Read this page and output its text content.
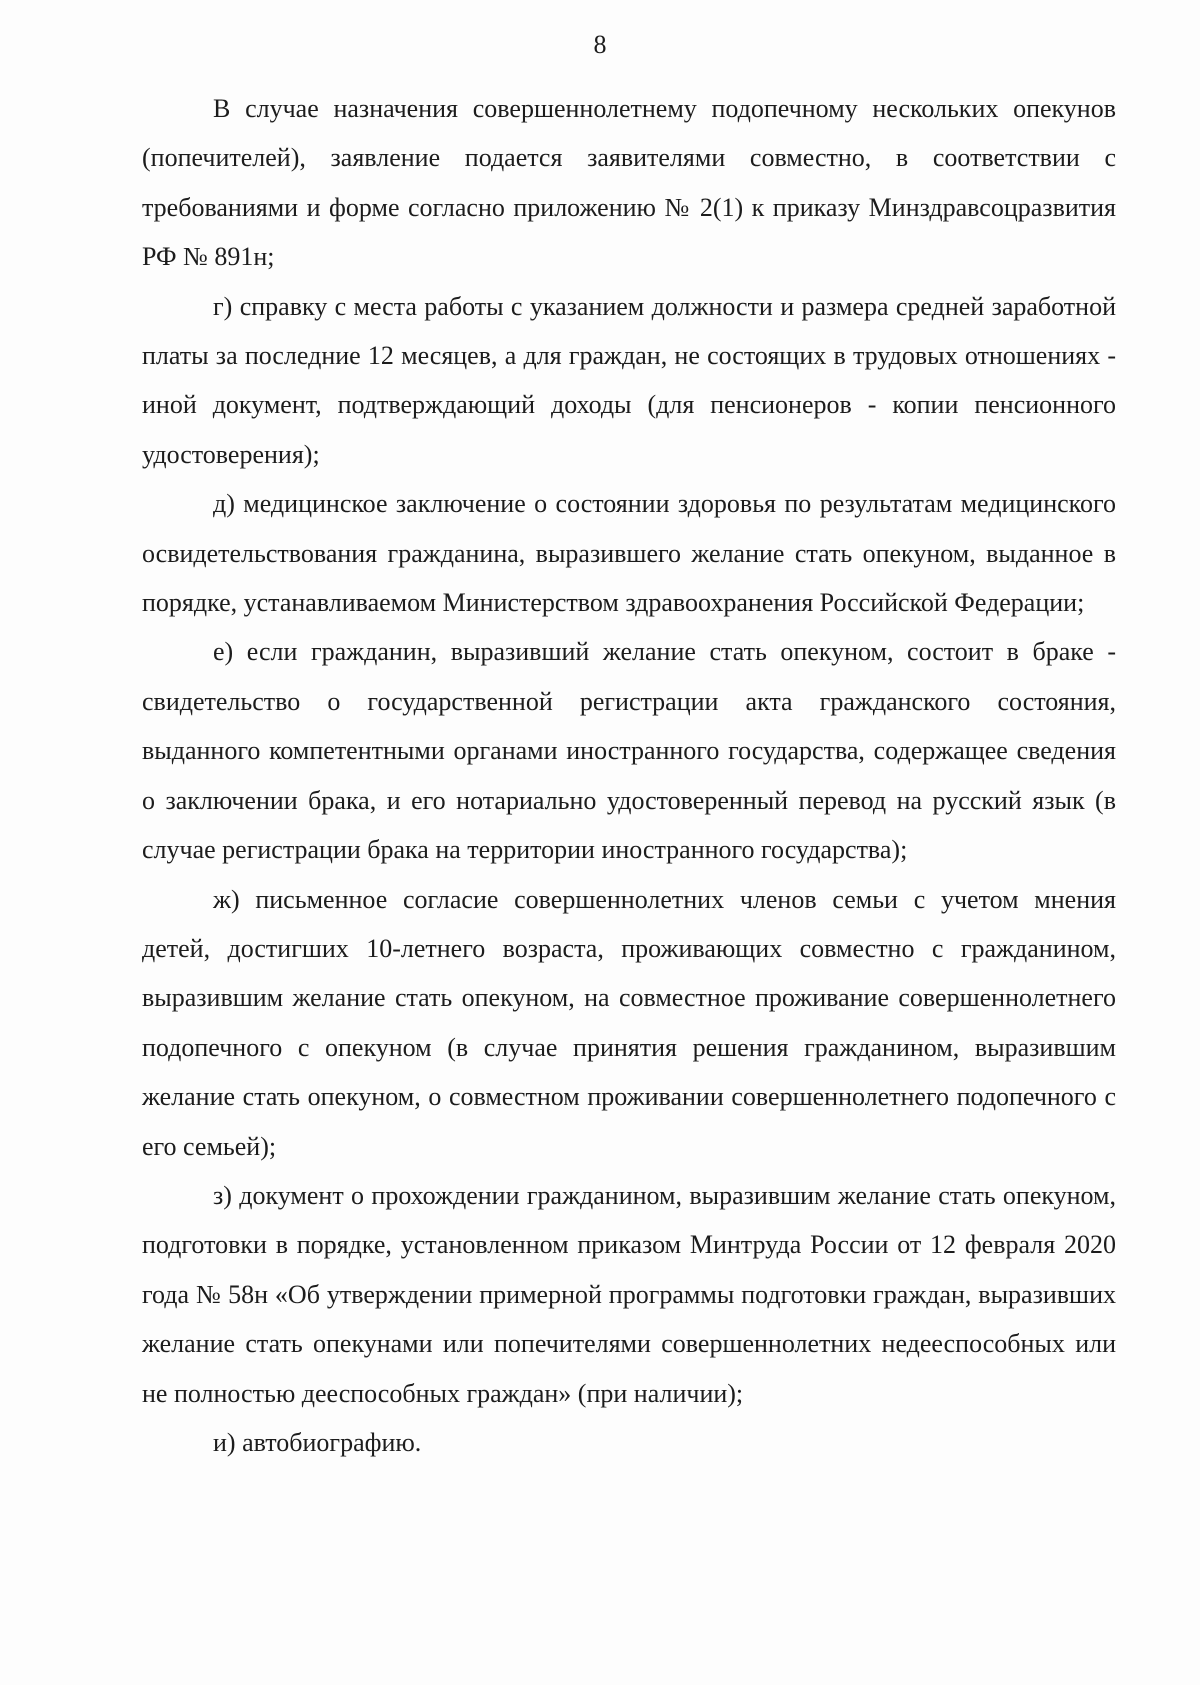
8

В случае назначения совершеннолетнему подопечному нескольких опекунов (попечителей), заявление подается заявителями совместно, в соответствии с требованиями и форме согласно приложению № 2(1) к приказу Минздравсоцразвития РФ № 891н;

г) справку с места работы с указанием должности и размера средней заработной платы за последние 12 месяцев, а для граждан, не состоящих в трудовых отношениях - иной документ, подтверждающий доходы (для пенсионеров - копии пенсионного удостоверения);

д) медицинское заключение о состоянии здоровья по результатам медицинского освидетельствования гражданина, выразившего желание стать опекуном, выданное в порядке, устанавливаемом Министерством здравоохранения Российской Федерации;

е) если гражданин, выразивший желание стать опекуном, состоит в браке - свидетельство о государственной регистрации акта гражданского состояния, выданного компетентными органами иностранного государства, содержащее сведения о заключении брака, и его нотариально удостоверенный перевод на русский язык (в случае регистрации брака на территории иностранного государства);

ж) письменное согласие совершеннолетних членов семьи с учетом мнения детей, достигших 10-летнего возраста, проживающих совместно с гражданином, выразившим желание стать опекуном, на совместное проживание совершеннолетнего подопечного с опекуном (в случае принятия решения гражданином, выразившим желание стать опекуном, о совместном проживании совершеннолетнего подопечного с его семьей);

з) документ о прохождении гражданином, выразившим желание стать опекуном, подготовки в порядке, установленном приказом Минтруда России от 12 февраля 2020 года № 58н «Об утверждении примерной программы подготовки граждан, выразивших желание стать опекунами или попечителями совершеннолетних недееспособных или не полностью дееспособных граждан» (при наличии);

и) автобиографию.
